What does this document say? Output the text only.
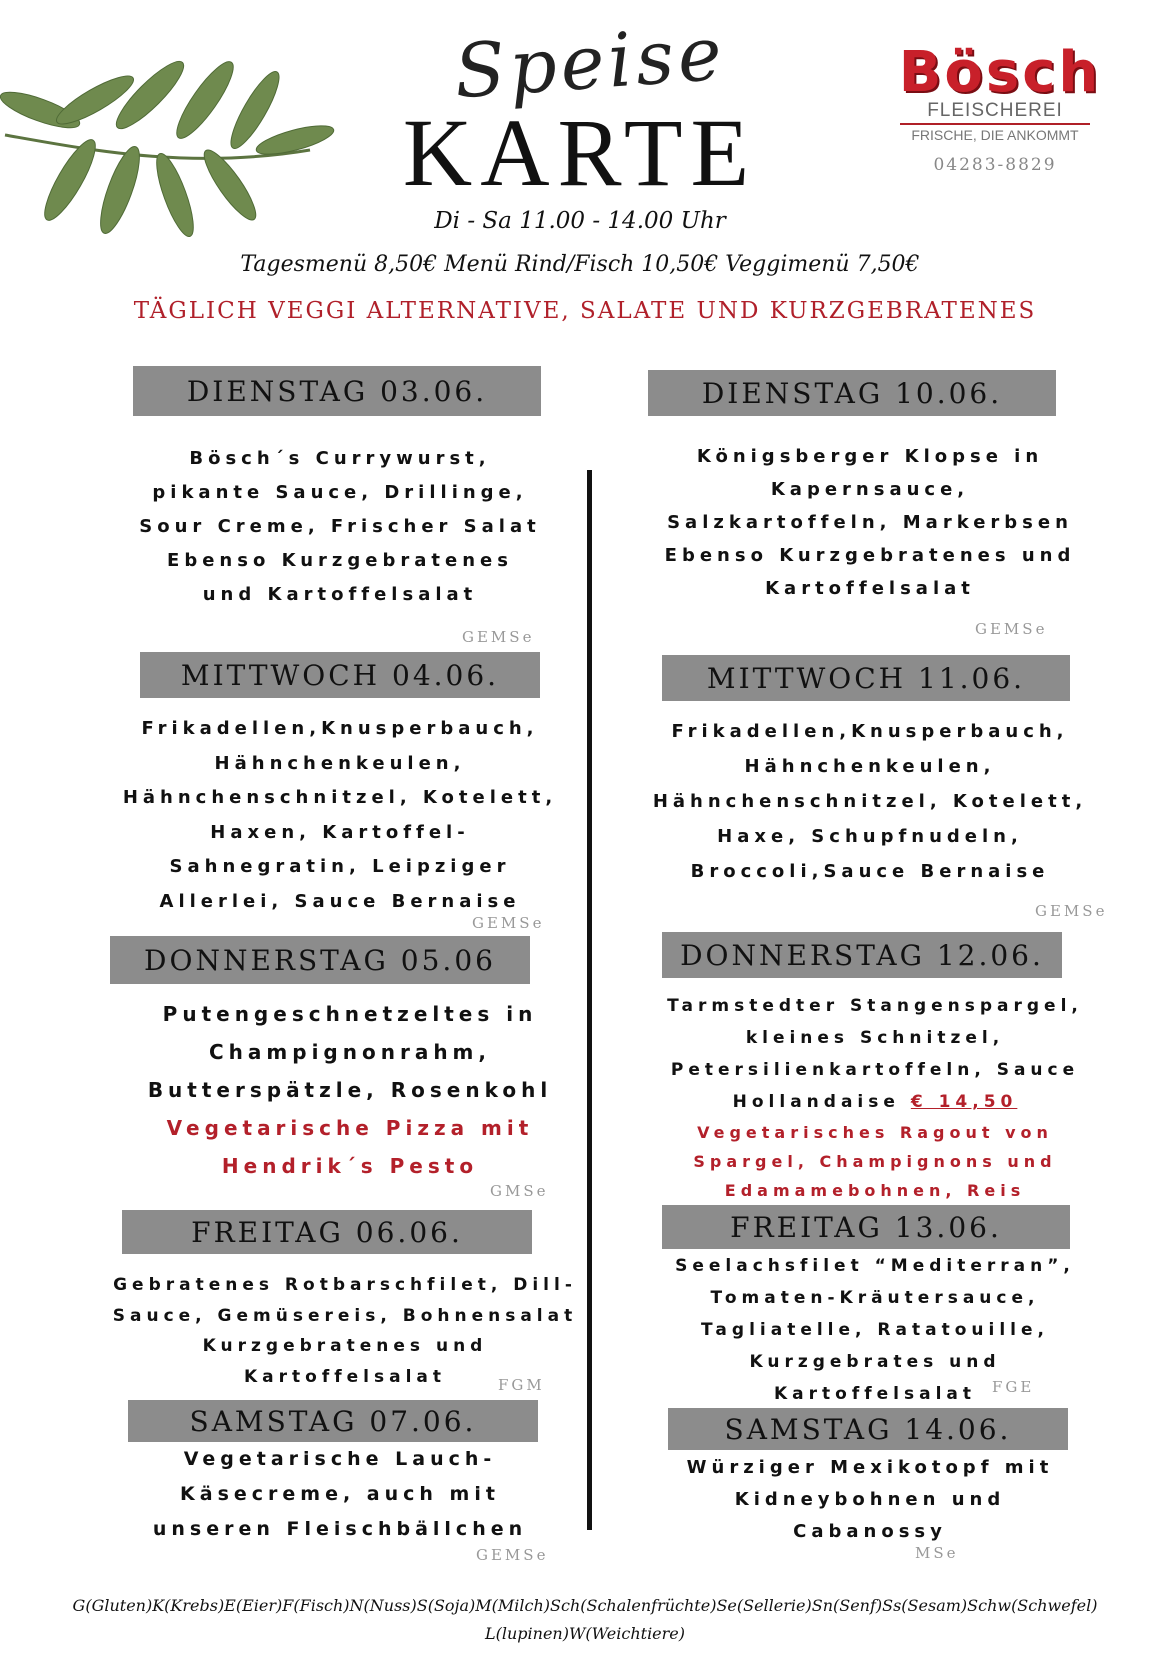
Speise
KARTE
Di - Sa 11.00 - 14.00 Uhr
Tagesmenü 8,50€ Menü Rind/Fisch 10,50€ Veggimenü 7,50€
Bösch
FLEISCHEREI
FRISCHE, DIE ANKOMMT
04283-8829
TÄGLICH VEGGI ALTERNATIVE, SALATE UND KURZGEBRATENES
DIENSTAG 03.06.
Bösch´s Currywurst,
pikante Sauce, Drillinge,
Sour Creme, Frischer Salat
Ebenso Kurzgebratenes
und Kartoffelsalat
GEMSe
MITTWOCH 04.06.
Frikadellen,Knusperbauch,
Hähnchenkeulen,
Hähnchenschnitzel, Kotelett,
Haxen, Kartoffel-
Sahnegratin, Leipziger
Allerlei, Sauce Bernaise
GEMSe
DONNERSTAG 05.06
Putengeschnetzeltes in
Champignonrahm,
Butterspätzle, Rosenkohl
Vegetarische Pizza mit
Hendrik´s Pesto
GMSe
FREITAG 06.06.
Gebratenes Rotbarschfilet, Dill-
Sauce, Gemüsereis, Bohnensalat
Kurzgebratenes und
Kartoffelsalat	FGM
SAMSTAG 07.06.
Vegetarische Lauch-
Käsecreme, auch mit
unseren Fleischbällchen
GEMSe
DIENSTAG 10.06.
Königsberger Klopse in
Kapernsauce,
Salzkartoffeln, Markerbsen
Ebenso Kurzgebratenes und
Kartoffelsalat
GEMSe
MITTWOCH 11.06.
Frikadellen,Knusperbauch,
Hähnchenkeulen,
Hähnchenschnitzel, Kotelett,
Haxe, Schupfnudeln,
Broccoli,Sauce Bernaise
GEMSe
DONNERSTAG 12.06.
Tarmstedter Stangenspargel,
kleines Schnitzel,
Petersilienkartoffeln, Sauce
Hollandaise € 14,50
Vegetarisches Ragout von
Spargel, Champignons und
Edamamebohnen, Reis
FREITAG 13.06.
Seelachsfilet “Mediterran”,
Tomaten-Kräutersauce,
Tagliatelle, Ratatouille,
Kurzgebrates und
Kartoffelsalat	FGE
SAMSTAG 14.06.
Würziger Mexikotopf mit
Kidneybohnen und
Cabanossy
MSe
G(Gluten)K(Krebs)E(Eier)F(Fisch)N(Nuss)S(Soja)M(Milch)Sch(Schalenfrüchte)Se(Sellerie)Sn(Senf)Ss(Sesam)Schw(Schwefel)
L(lupinen)W(Weichtiere)
